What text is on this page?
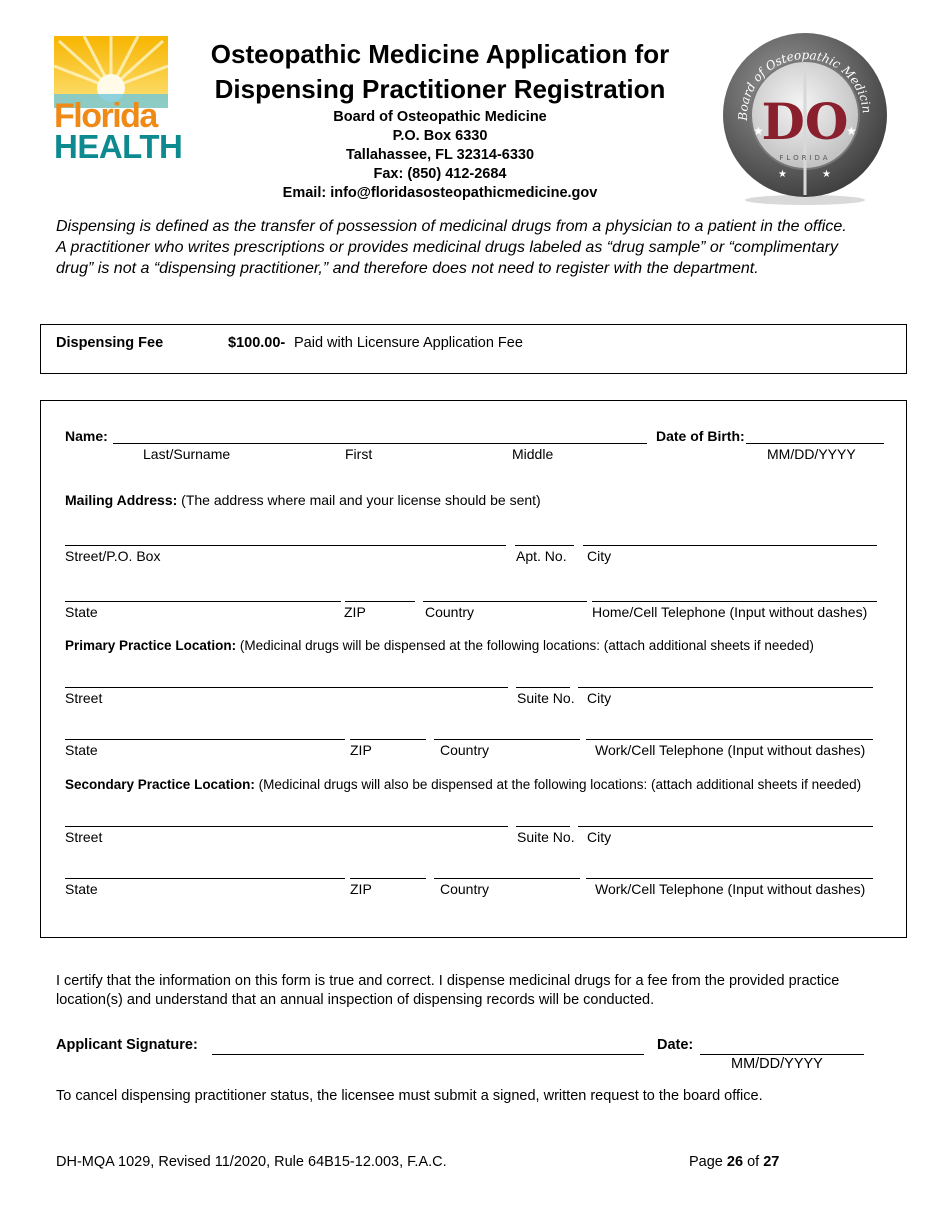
Florida
HEALTH
Osteopathic Medicine Application for
Dispensing Practitioner Registration
Board of Osteopathic Medicine
P.O. Box 6330
Tallahassee, FL 32314-6330
Fax: (850) 412-2684
Email: info@floridasosteopathicmedicine.gov
Board of Osteopathic Medicin
★	★
★	★
DO
FLORIDA
Dispensing is defined as the transfer of possession of medicinal drugs from a physician to a patient in the office. A practitioner who writes prescriptions or provides medicinal drugs labeled as “drug sample” or “complimentary drug” is not a “dispensing practitioner,” and therefore does not need to register with the department.
Dispensing Fee	$100.00- Paid with Licensure Application Fee
Name:	Date of Birth:
Last/Surname	First	Middle	MM/DD/YYYY
Mailing Address: (The address where mail and your license should be sent)
Street/P.O. Box	Apt. No. City
State	ZIP	Country	Home/Cell Telephone (Input without dashes)
Primary Practice Location: (Medicinal drugs will be dispensed at the following locations: (attach additional sheets if needed)
Street	Suite No. City
State	ZIP	Country	Work/Cell Telephone (Input without dashes)
Secondary Practice Location: (Medicinal drugs will also be dispensed at the following locations: (attach additional sheets if needed)
Street	Suite No. City
State	ZIP	Country	Work/Cell Telephone (Input without dashes)
I certify that the information on this form is true and correct. I dispense medicinal drugs for a fee from the provided practice location(s) and understand that an annual inspection of dispensing records will be conducted.
Applicant Signature:	Date:
MM/DD/YYYY
To cancel dispensing practitioner status, the licensee must submit a signed, written request to the board office.
DH-MQA 1029, Revised 11/2020, Rule 64B15-12.003, F.A.C.	Page 26 of 27
